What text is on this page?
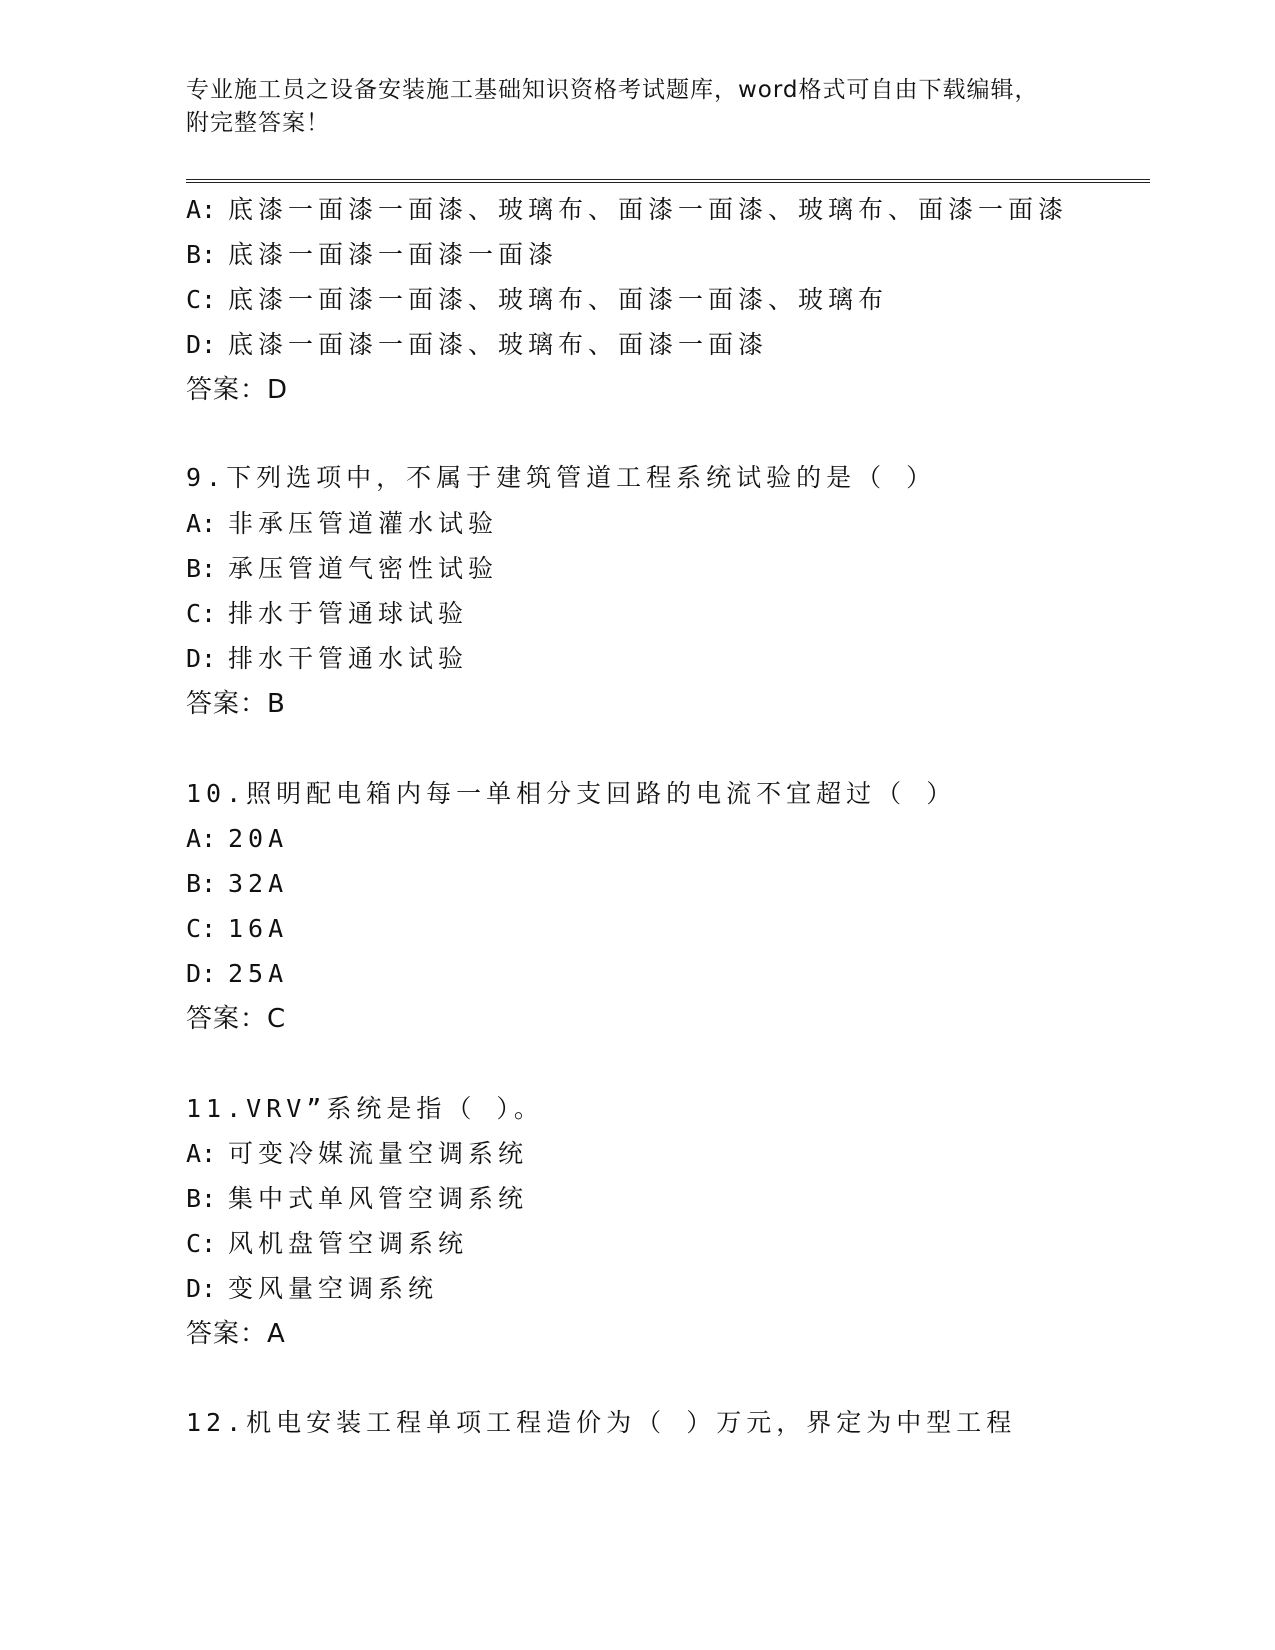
专业施工员之设备安装施工基础知识资格考试题库，word格式可自由下载编辑，
附完整答案！
A: 底漆一面漆一面漆、玻璃布、面漆一面漆、玻璃布、面漆一面漆
B: 底漆一面漆一面漆一面漆
C: 底漆一面漆一面漆、玻璃布、面漆一面漆、玻璃布
D: 底漆一面漆一面漆、玻璃布、面漆一面漆
答案：D
9.下列选项中，不属于建筑管道工程系统试验的是（ ）
A: 非承压管道灌水试验
B: 承压管道气密性试验
C: 排水于管通球试验
D: 排水干管通水试验
答案：B
10.照明配电箱内每一单相分支回路的电流不宜超过（ ）
A: 20A
B: 32A
C: 16A
D: 25A
答案：C
11.VRV”系统是指（ ）。
A: 可变冷媒流量空调系统
B: 集中式单风管空调系统
C: 风机盘管空调系统
D: 变风量空调系统
答案：A
12.机电安装工程单项工程造价为（ ）万元，界定为中型工程
